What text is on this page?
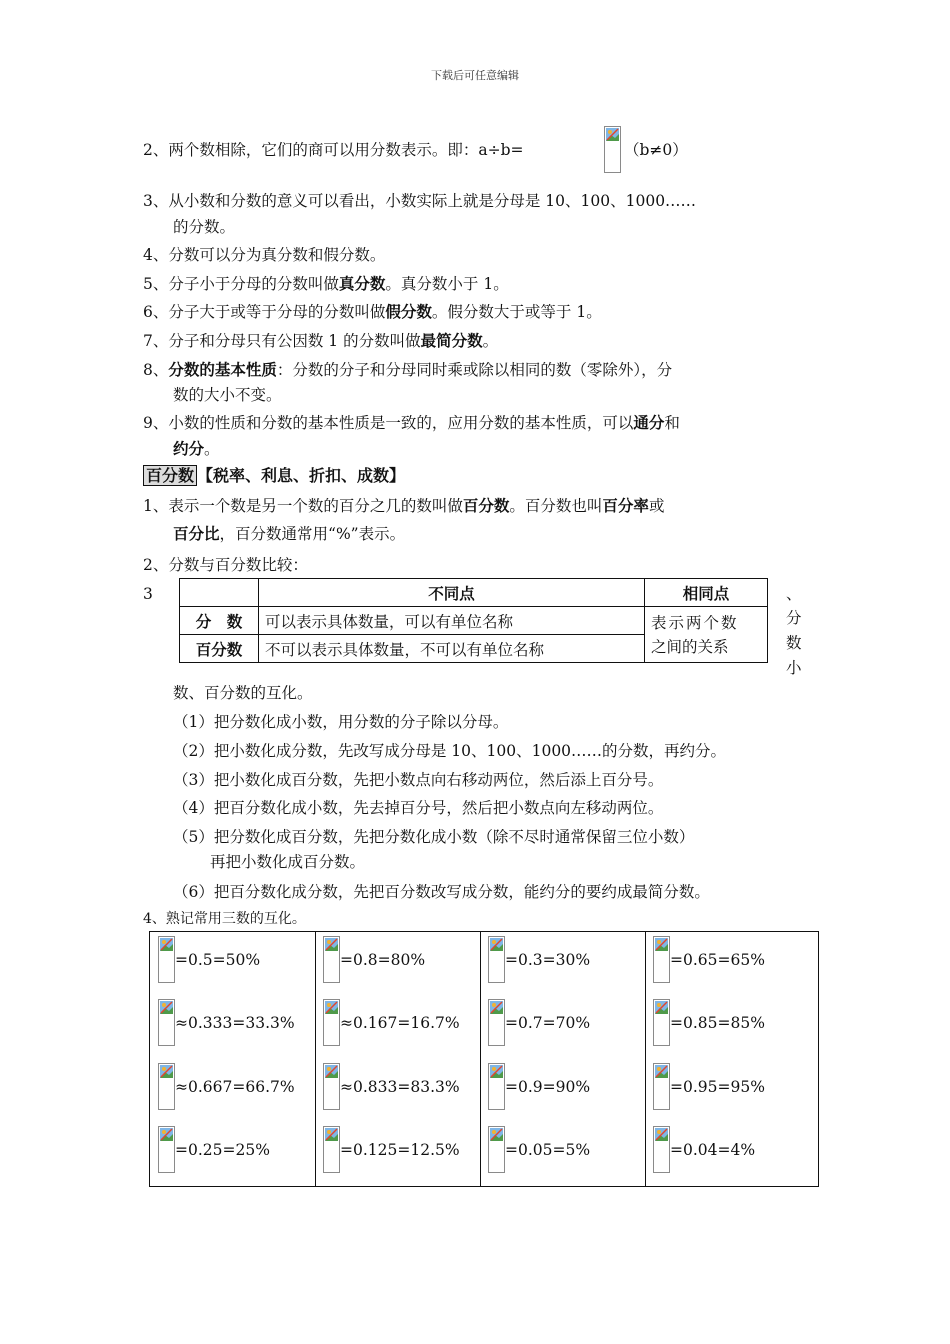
下载后可任意编辑
2、两个数相除，它们的商可以用分数表示。即：a÷b=	（b≠0）
3、从小数和分数的意义可以看出，小数实际上就是分母是 10、100、1000……
的分数。
4、分数可以分为真分数和假分数。
5、分子小于分母的分数叫做真分数。真分数小于 1。
6、分子大于或等于分母的分数叫做假分数。假分数大于或等于 1。
7、分子和分母只有公因数 1 的分数叫做最简分数。
8、分数的基本性质：分数的分子和分母同时乘或除以相同的数（零除外），分
数的大小不变。
9、小数的性质和分数的基本性质是一致的，应用分数的基本性质，可以通分和
约分。
百分数 【税率、利息、折扣、成数】
1、表示一个数是另一个数的百分之几的数叫做百分数。百分数也叫百分率或
百分比，百分数通常用“%”表示。
2、分数与百分数比较：
3	、
分
数
小
	不同点	相同点
分　数	可以表示具体数量，可以有单位名称	表示两个数
之间的关系

百分数	不可以表示具体数量，不可以有单位名称	
数、百分数的互化。
（1）把分数化成小数，用分数的分子除以分母。
（2）把小数化成分数，先改写成分母是 10、100、1000……的分数，再约分。
（3）把小数化成百分数，先把小数点向右移动两位，然后添上百分号。
（4）把百分数化成小数，先去掉百分号，然后把小数点向左移动两位。
（5）把分数化成百分数，先把分数化成小数（除不尽时通常保留三位小数）
再把小数化成百分数。
（6）把百分数化成分数，先把百分数改写成分数，能约分的要约成最简分数。
4、熟记常用三数的互化。
=0.5=50%	=0.8=80%	=0.3=30%	=0.65=65%
≈0.333=33.3%	≈0.167=16.7%	=0.7=70%	=0.85=85%
≈0.667=66.7%	≈0.833=83.3%	=0.9=90%	=0.95=95%
=0.25=25%	=0.125=12.5%	=0.05=5%	=0.04=4%
